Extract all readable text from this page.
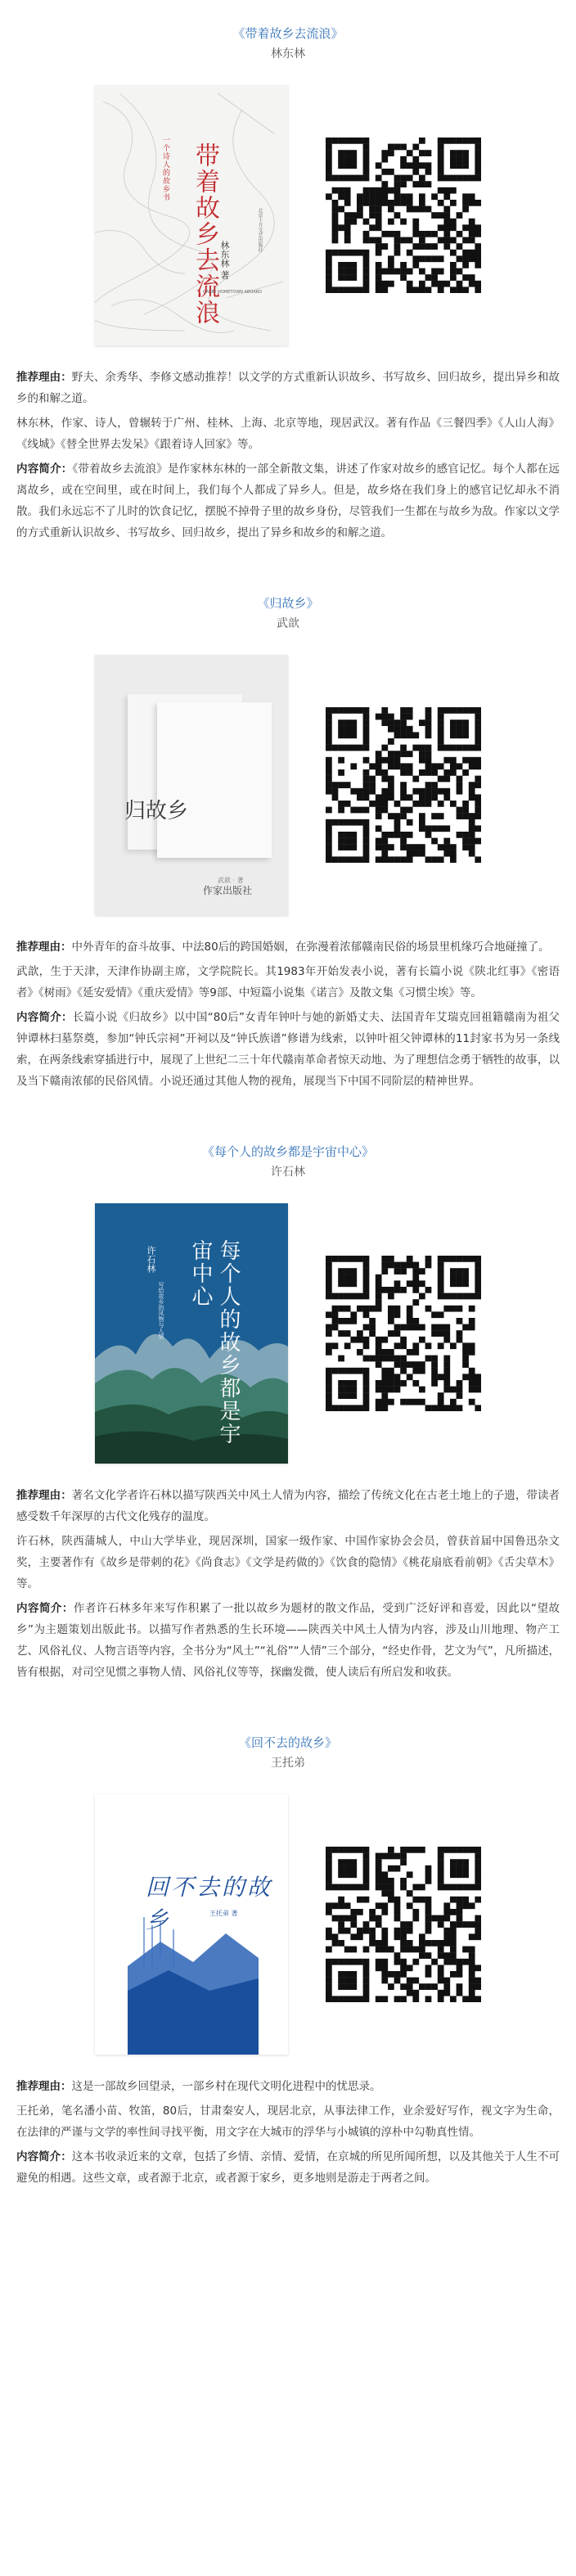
《带着故乡去流浪》
林东林
一个诗人的故乡书 带着故乡去流浪 林东林 著
CARRY HOMETOWN ABOARD
北京十月文艺出版社

推荐理由：野夫、余秀华、李修文感动推荐！以文学的方式重新认识故乡、书写故乡、回归故乡，提出异乡和故乡的和解之道。

林东林，作家、诗人，曾辗转于广州、桂林、上海、北京等地，现居武汉。著有作品《三餐四季》《人山人海》《线城》《替全世界去发呆》《跟着诗人回家》等。

内容简介：《带着故乡去流浪》是作家林东林的一部全新散文集，讲述了作家对故乡的感官记忆。每个人都在远离故乡，或在空间里，或在时间上，我们每个人都成了异乡人。但是，故乡烙在我们身上的感官记忆却永不消散。我们永远忘不了儿时的饮食记忆，摆脱不掉骨子里的故乡身份，尽管我们一生都在与故乡为敌。作家以文学的方式重新认识故乡、书写故乡、回归故乡，提出了异乡和故乡的和解之道。

《归故乡》
武歆
归故乡
武歆 · 著
作家出版社

推荐理由：中外青年的奋斗故事、中法80后的跨国婚姻，在弥漫着浓郁赣南民俗的场景里机缘巧合地碰撞了。

武歆，生于天津，天津作协副主席，文学院院长。其1983年开始发表小说，著有长篇小说《陕北红事》《密语者》《树雨》《延安爱情》《重庆爱情》等9部、中短篇小说集《诺言》及散文集《习惯尘埃》等。

内容简介：长篇小说《归故乡》以中国“80后”女青年钟叶与她的新婚丈夫、法国青年艾瑞克回祖籍赣南为祖父钟谭林扫墓祭奠，参加“钟氏宗祠”开祠以及“钟氏族谱”修谱为线索，以钟叶祖父钟谭林的11封家书为另一条线索，在两条线索穿插进行中，展现了上世纪二三十年代赣南革命者惊天动地、为了理想信念勇于牺牲的故事，以及当下赣南浓郁的民俗风情。小说还通过其他人物的视角，展现当下中国不同阶层的精神世界。

《每个人的故乡都是宇宙中心》
许石林
许石林
写给故乡的风物与人情	每个人的故乡都是宇宙中心

推荐理由：著名文化学者许石林以描写陕西关中风土人情为内容，描绘了传统文化在古老土地上的子遗，带读者感受数千年深厚的古代文化残存的温度。

许石林，陕西蒲城人，中山大学毕业，现居深圳，国家一级作家、中国作家协会会员，曾获首届中国鲁迅杂文奖，主要著作有《故乡是带刺的花》《尚食志》《文学是药做的》《饮食的隐情》《桃花扇底看前朝》《舌尖草木》等。

内容简介：作者许石林多年来写作积累了一批以故乡为题材的散文作品，受到广泛好评和喜爱，因此以“望故乡”为主题策划出版此书。以描写作者熟悉的生长环境——陕西关中风土人情为内容，涉及山川地理、物产工艺、风俗礼仪、人物言语等内容，全书分为“风土”“礼俗”“人情”三个部分，“经史作骨，艺文为气”，凡所描述，皆有根据，对司空见惯之事物人情、风俗礼仪等等，探幽发微，使人读后有所启发和收获。

《回不去的故乡》
王托弟
回不去的故乡	王托弟 著
四川人民出版社

推荐理由：这是一部故乡回望录，一部乡村在现代文明化进程中的忧思录。

王托弟，笔名潘小苗、牧笛，80后，甘肃秦安人，现居北京，从事法律工作，业余爱好写作，视文字为生命，在法律的严谨与文学的率性间寻找平衡，用文字在大城市的浮华与小城镇的淳朴中勾勒真性情。

内容简介：这本书收录近来的文章，包括了乡情、亲情、爱情，在京城的所见所闻所想，以及其他关于人生不可避免的相遇。这些文章，或者源于北京，或者源于家乡，更多地则是游走于两者之间。
